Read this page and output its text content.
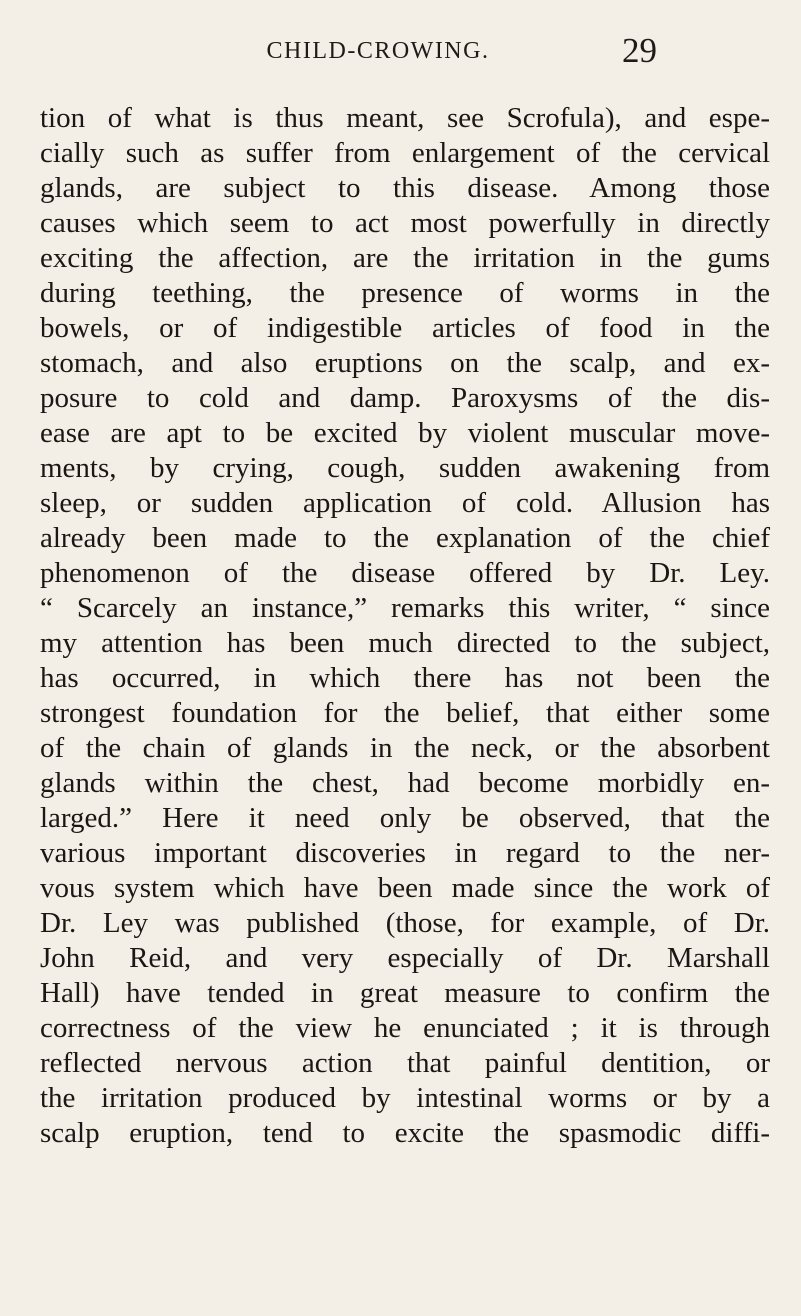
CHILD-CROWING.	29
tion of what is thus meant, see Scrofula), and espe-
cially such as suffer from enlargement of the cervical
glands, are subject to this disease. Among those
causes which seem to act most powerfully in directly
exciting the affection, are the irritation in the gums
during teething, the presence of worms in the
bowels, or of indigestible articles of food in the
stomach, and also eruptions on the scalp, and ex-
posure to cold and damp. Paroxysms of the dis-
ease are apt to be excited by violent muscular move-
ments, by crying, cough, sudden awakening from
sleep, or sudden application of cold. Allusion has
already been made to the explanation of the chief
phenomenon of the disease offered by Dr. Ley.
“ Scarcely an instance,” remarks this writer, “ since
my attention has been much directed to the subject,
has occurred, in which there has not been the
strongest foundation for the belief, that either some
of the chain of glands in the neck, or the absorbent
glands within the chest, had become morbidly en-
larged.” Here it need only be observed, that the
various important discoveries in regard to the ner-
vous system which have been made since the work of
Dr. Ley was published (those, for example, of Dr.
John Reid, and very especially of Dr. Marshall
Hall) have tended in great measure to confirm the
correctness of the view he enunciated ; it is through
reflected nervous action that painful dentition, or
the irritation produced by intestinal worms or by a
scalp eruption, tend to excite the spasmodic diffi-
